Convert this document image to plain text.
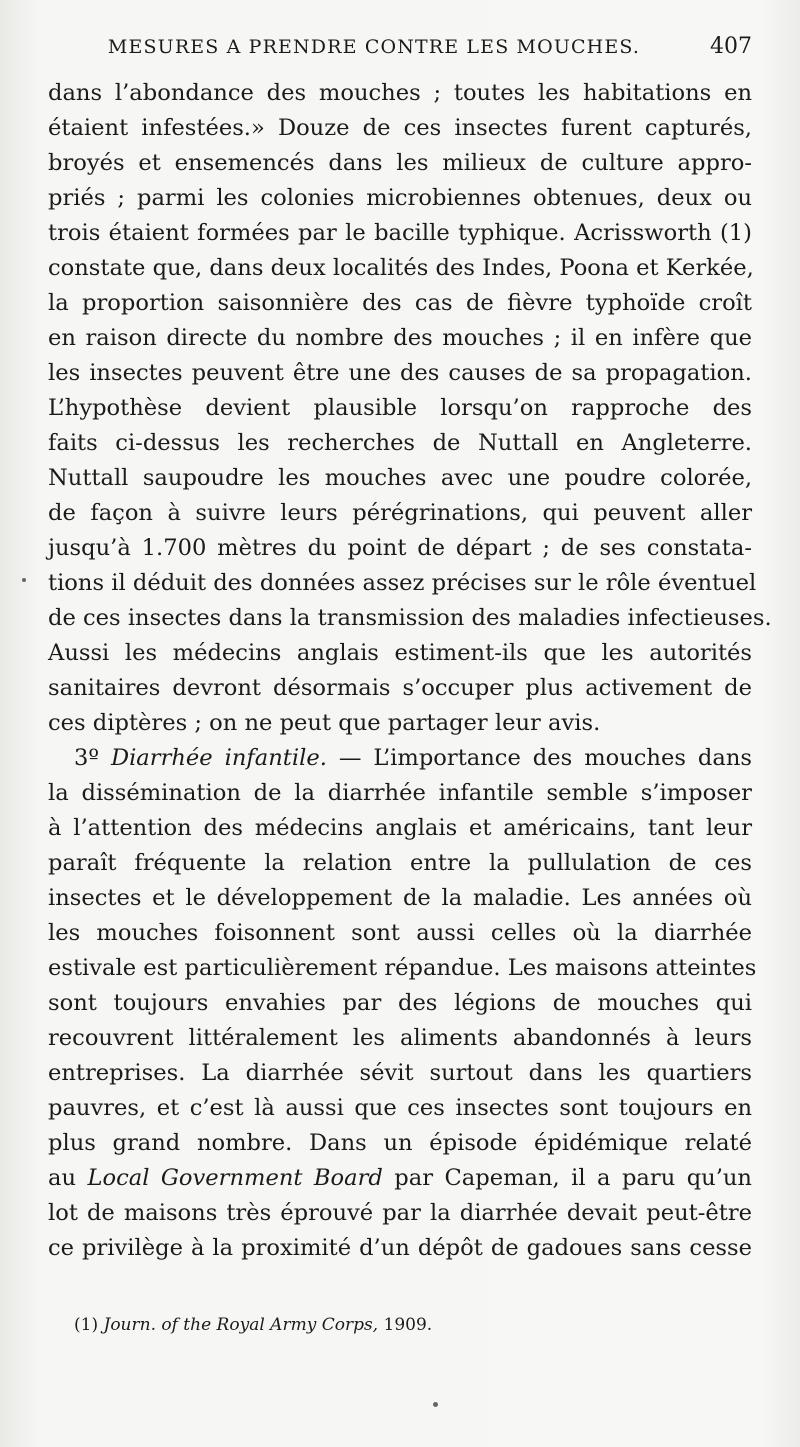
MESURES A PRENDRE CONTRE LES MOUCHES.	407
dans l’abondance des mouches ; toutes les habitations en
étaient infestées.» Douze de ces insectes furent capturés,
broyés et ensemencés dans les milieux de culture appro-
priés ; parmi les colonies microbiennes obtenues, deux ou
trois étaient formées par le bacille typhique. Acrissworth (1)
constate que, dans deux localités des Indes, Poona et Kerkée,
la proportion saisonnière des cas de fièvre typhoïde croît
en raison directe du nombre des mouches ; il en infère que
les insectes peuvent être une des causes de sa propagation.
L’hypothèse devient plausible lorsqu’on rapproche des
faits ci-dessus les recherches de Nuttall en Angleterre.
Nuttall saupoudre les mouches avec une poudre colorée,
de façon à suivre leurs pérégrinations, qui peuvent aller
jusqu’à 1.700 mètres du point de départ ; de ses constata-
tions il déduit des données assez précises sur le rôle éventuel
de ces insectes dans la transmission des maladies infectieuses.
Aussi les médecins anglais estiment-ils que les autorités
sanitaires devront désormais s’occuper plus activement de
ces diptères ; on ne peut que partager leur avis.
3º Diarrhée infantile. — L’importance des mouches dans
la dissémination de la diarrhée infantile semble s’imposer
à l’attention des médecins anglais et américains, tant leur
paraît fréquente la relation entre la pullulation de ces
insectes et le développement de la maladie. Les années où
les mouches foisonnent sont aussi celles où la diarrhée
estivale est particulièrement répandue. Les maisons atteintes
sont toujours envahies par des légions de mouches qui
recouvrent littéralement les aliments abandonnés à leurs
entreprises. La diarrhée sévit surtout dans les quartiers
pauvres, et c’est là aussi que ces insectes sont toujours en
plus grand nombre. Dans un épisode épidémique relaté
au Local Government Board par Capeman, il a paru qu’un
lot de maisons très éprouvé par la diarrhée devait peut-être
ce privilège à la proximité d’un dépôt de gadoues sans cesse
(1) Journ. of the Royal Army Corps, 1909.
